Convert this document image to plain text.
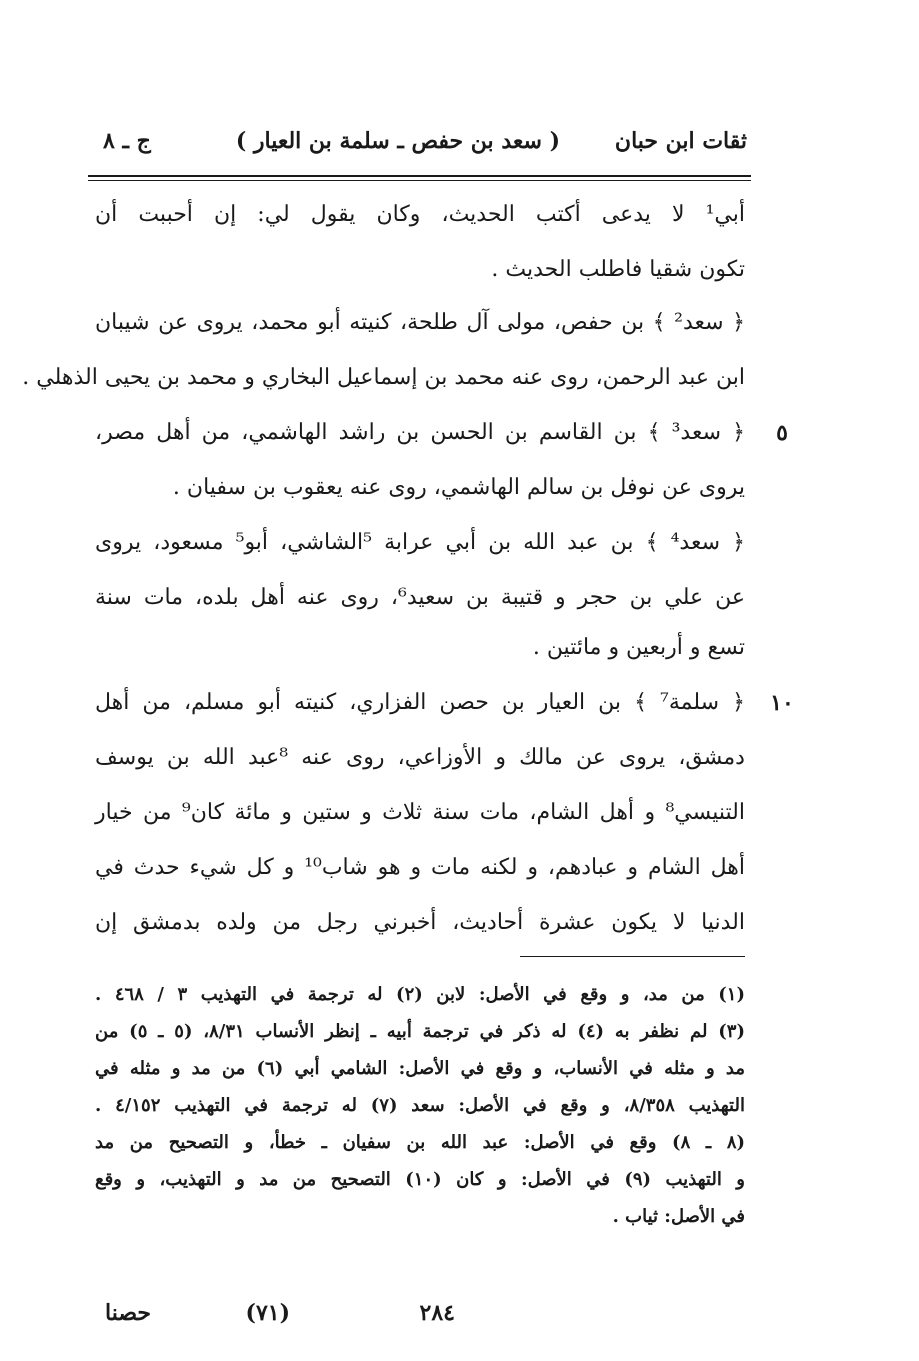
ثقات ابن حبان
( سعد بن حفص ـ سلمة بن العيار )
ج ـ ٨
أبي¹ لا يدعى أكتب الحديث، وكان يقول لي: إن أحببت أن
تكون شقيا فاطلب الحديث .
﴿ سعد² ﴾ بن حفص، مولى آل طلحة، كنيته أبو محمد، يروى عن شيبان
ابن عبد الرحمن، روى عنه محمد بن إسماعيل البخاري و محمد بن يحيى الذهلي .
﴿ سعد³ ﴾ بن القاسم بن الحسن بن راشد الهاشمي، من أهل مصر،
يروى عن نوفل بن سالم الهاشمي، روى عنه يعقوب بن سفيان .
﴿ سعد⁴ ﴾ بن عبد الله بن أبي عرابة ⁵الشاشي، أبو⁵ مسعود، يروى
عن علي بن حجر و قتيبة بن سعيد⁶، روى عنه أهل بلده، مات سنة
تسع و أربعين و مائتين .
﴿ سلمة⁷ ﴾ بن العيار بن حصن الفزاري، كنيته أبو مسلم، من أهل
دمشق، يروى عن مالك و الأوزاعي، روى عنه ⁸عبد الله بن يوسف
التنيسي⁸ و أهل الشام، مات سنة ثلاث و ستين و مائة كان⁹ من خيار
أهل الشام و عبادهم، و لكنه مات و هو شاب¹⁰ و كل شيء حدث في
الدنيا لا يكون عشرة أحاديث، أخبرني رجل من ولده بدمشق إن
٥
١٠
(١) من مد، و وقع في الأصل: لابن (٢) له ترجمة في التهذيب ٣ / ٤٦٨ .
(٣) لم نظفر به (٤) له ذكر في ترجمة أبيه ـ إنظر الأنساب ٨/٣١، (٥ ـ ٥) من
مد و مثله في الأنساب، و وقع في الأصل: الشامي أبي (٦) من مد و مثله في
التهذيب ٨/٣٥٨، و وقع في الأصل: سعد (٧) له ترجمة في التهذيب ٤/١٥٢ .
(٨ ـ ٨) وقع في الأصل: عبد الله بن سفيان ـ خطأ، و التصحيح من مد
و التهذيب (٩) في الأصل: و كان (١٠) التصحيح من مد و التهذيب، و وقع
في الأصل: ثياب .
٢٨٤
(٧١)
حصنا
